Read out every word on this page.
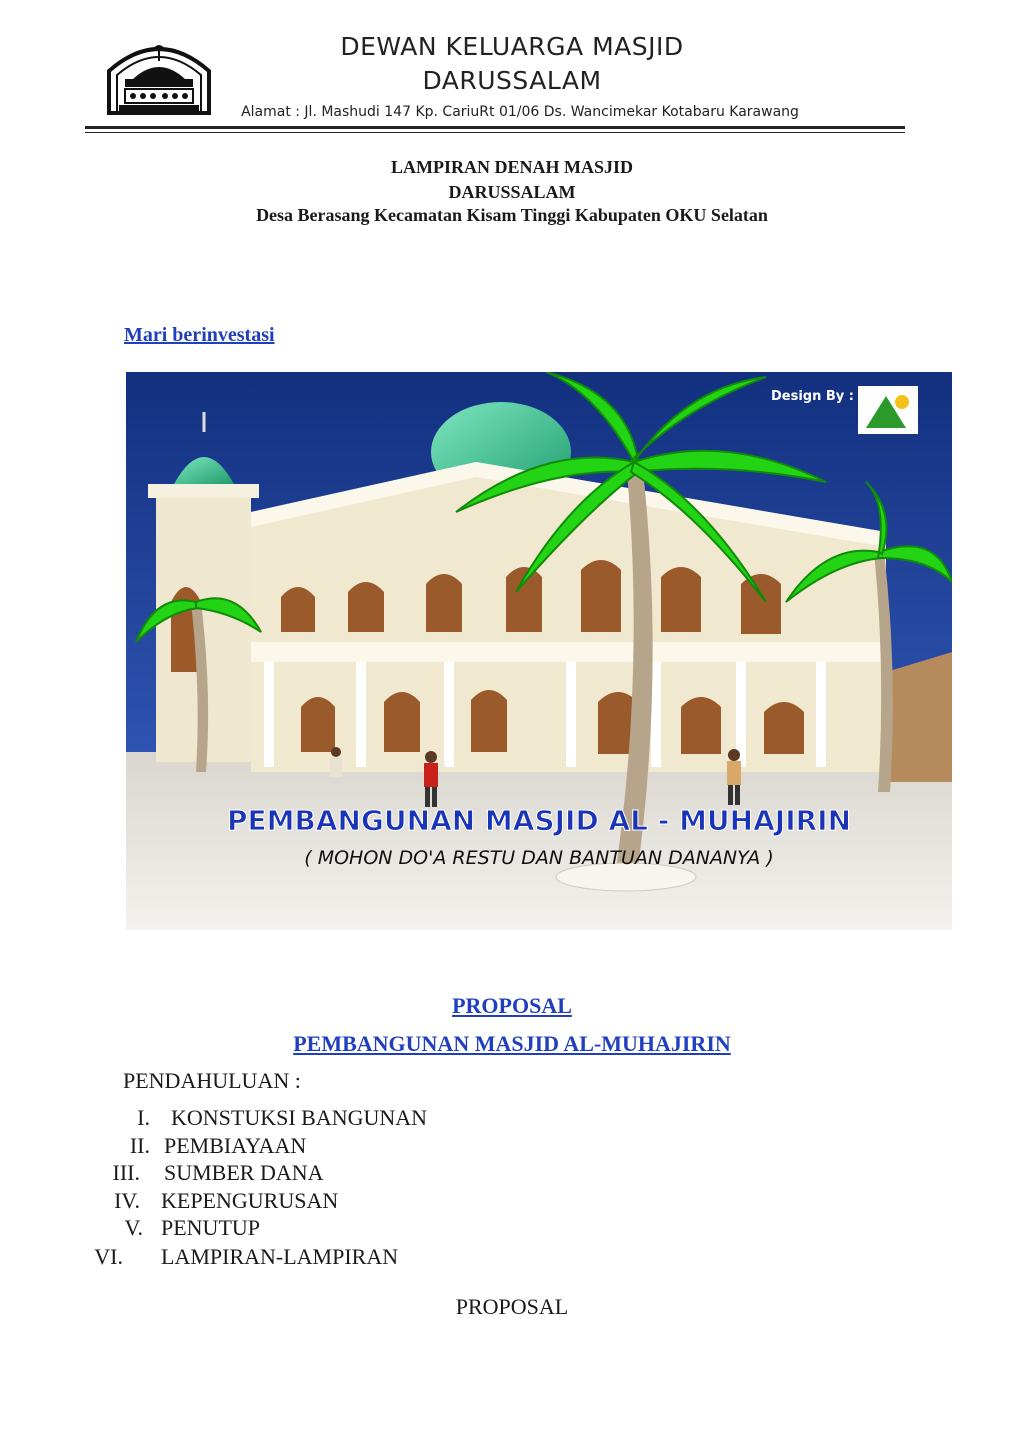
DEWAN KELUARGA MASJID
DARUSSALAM
Alamat : Jl. Mashudi 147 Kp. CariuRt 01/06 Ds. Wancimekar Kotabaru Karawang
LAMPIRAN DENAH MASJID
DARUSSALAM
Desa Berasang Kecamatan Kisam Tinggi Kabupaten OKU Selatan
Mari berinvestasi
Design By :
PEMBANGUNAN MASJID AL - MUHAJIRIN
( MOHON DO'A RESTU DAN BANTUAN DANANYA )
PROPOSAL
PEMBANGUNAN MASJID AL-MUHAJIRIN
PENDAHULUAN :
I. KONSTUKSI BANGUNAN
II. PEMBIAYAAN
III. SUMBER DANA
IV. KEPENGURUSAN
V. PENUTUP
VI. LAMPIRAN-LAMPIRAN
PROPOSAL
